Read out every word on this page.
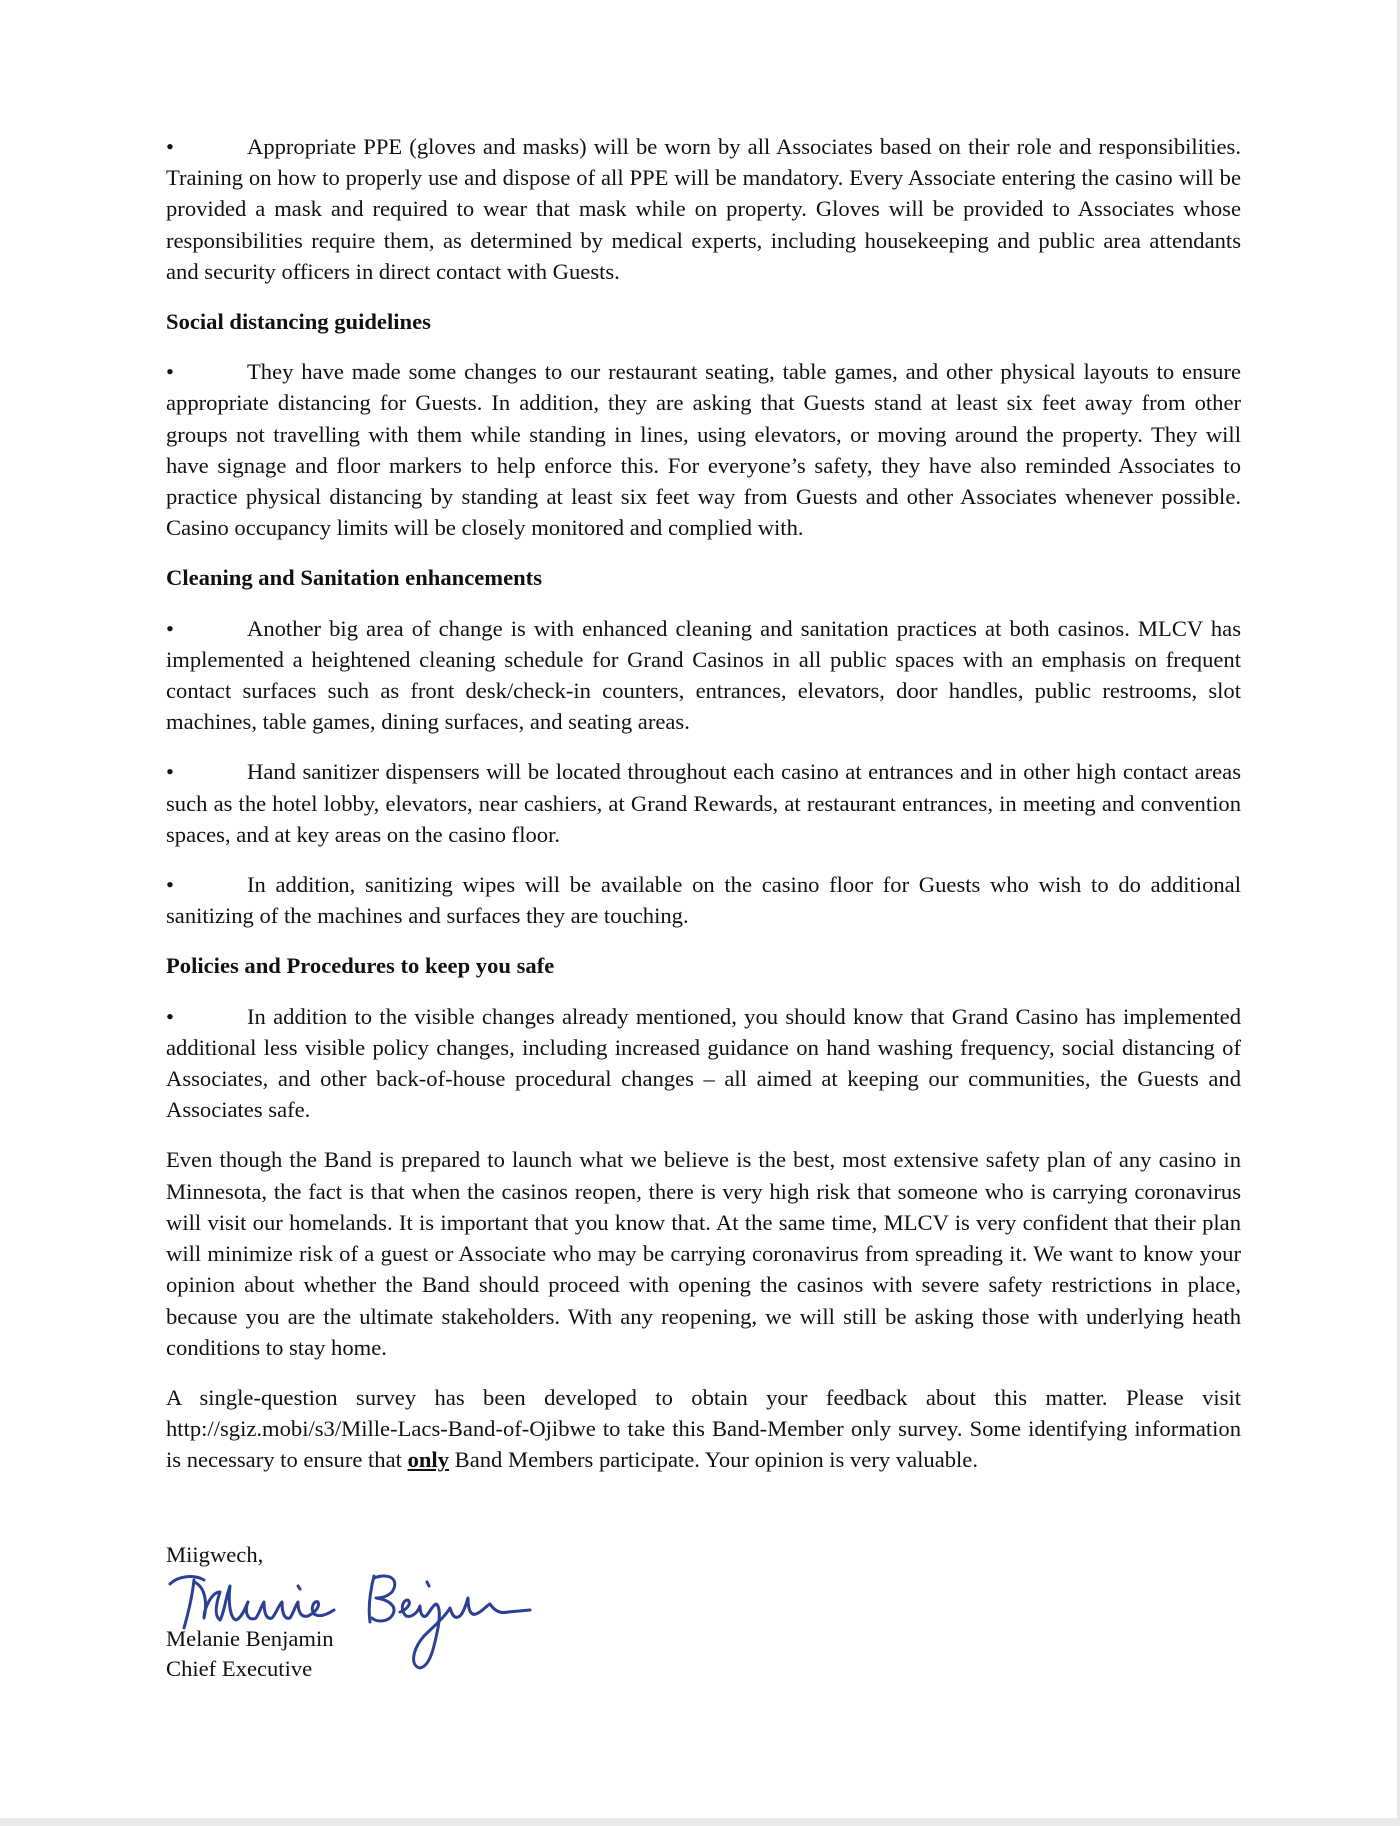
•	Appropriate PPE (gloves and masks) will be worn by all Associates based on their role and responsibilities. Training on how to properly use and dispose of all PPE will be mandatory. Every Associate entering the casino will be provided a mask and required to wear that mask while on property. Gloves will be provided to Associates whose responsibilities require them, as determined by medical experts, including housekeeping and public area attendants and security officers in direct contact with Guests.

Social distancing guidelines

•	They have made some changes to our restaurant seating, table games, and other physical layouts to ensure appropriate distancing for Guests. In addition, they are asking that Guests stand at least six feet away from other groups not travelling with them while standing in lines, using elevators, or moving around the property. They will have signage and floor markers to help enforce this. For everyone’s safety, they have also reminded Associates to practice physical distancing by standing at least six feet way from Guests and other Associates whenever possible. Casino occupancy limits will be closely monitored and complied with.

Cleaning and Sanitation enhancements

•	Another big area of change is with enhanced cleaning and sanitation practices at both casinos. MLCV has implemented a heightened cleaning schedule for Grand Casinos in all public spaces with an emphasis on frequent contact surfaces such as front desk/check-in counters, entrances, elevators, door handles, public restrooms, slot machines, table games, dining surfaces, and seating areas.

•	Hand sanitizer dispensers will be located throughout each casino at entrances and in other high contact areas such as the hotel lobby, elevators, near cashiers, at Grand Rewards, at restaurant entrances, in meeting and convention spaces, and at key areas on the casino floor.

•	In addition, sanitizing wipes will be available on the casino floor for Guests who wish to do additional sanitizing of the machines and surfaces they are touching.

Policies and Procedures to keep you safe

•	In addition to the visible changes already mentioned, you should know that Grand Casino has implemented additional less visible policy changes, including increased guidance on hand washing frequency, social distancing of Associates, and other back-of-house procedural changes – all aimed at keeping our communities, the Guests and Associates safe.

Even though the Band is prepared to launch what we believe is the best, most extensive safety plan of any casino in Minnesota, the fact is that when the casinos reopen, there is very high risk that someone who is carrying coronavirus will visit our homelands. It is important that you know that. At the same time, MLCV is very confident that their plan will minimize risk of a guest or Associate who may be carrying coronavirus from spreading it. We want to know your opinion about whether the Band should proceed with opening the casinos with severe safety restrictions in place, because you are the ultimate stakeholders. With any reopening, we will still be asking those with underlying heath conditions to stay home.

A single-question survey has been developed to obtain your feedback about this matter. Please visit http://sgiz.mobi/s3/Mille-Lacs-Band-of-Ojibwe to take this Band-Member only survey. Some identifying information is necessary to ensure that only Band Members participate. Your opinion is very valuable.

Miigwech,
Melanie Benjamin
Chief Executive
